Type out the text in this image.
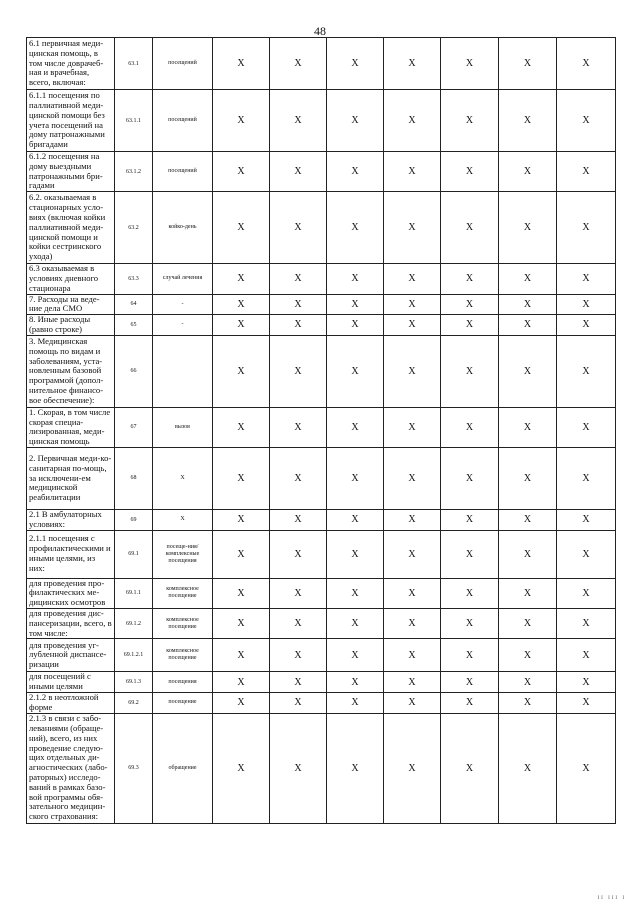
48
6.1 первичная меди-цинская помощь, в том числе доврачеб-ная и врачебная, всего, включая:	63.1	посещений	X	X	X	X	X	X	X
6.1.1 посещения по паллиативной меди-цинской помощи без учета посещений на дому патронажными бригадами	63.1.1	посещений	X	X	X	X	X	X	X
6.1.2 посещения на дому выездными патронажными бри-гадами	63.1.2	посещений	X	X	X	X	X	X	X
6.2. оказываемая в стационарных усло-виях (включая койки паллиативной меди-цинской помощи и койки сестринского ухода)	63.2	койко-день	X	X	X	X	X	X	X
6.3 оказываемая в условиях дневного стационара	63.3	случай лечения	X	X	X	X	X	X	X
7. Расходы на веде-ние дела СМО	64	-	X	X	X	X	X	X	X
8. Иные расходы (равно строке)	65	-	X	X	X	X	X	X	X
3. Медицинская помощь по видам и заболеваниям, уста-новленным базовой программой (допол-нительное финансо-вое обеспечение):	66		X	X	X	X	X	X	X
1. Скорая, в том числе скорая специа-лизированная, меди-цинская помощь	67	вызов	X	X	X	X	X	X	X
2. Первичная меди-ко-санитарная по-мощь, за исключени-ем медицинской реабилитации	68	X	X	X	X	X	X	X	X
2.1 В амбулаторных условиях:	69	X	X	X	X	X	X	X	X
2.1.1 посещения с профилактическими и иными целями, из них:	69.1	посеще-ния/комплексные посещения	X	X	X	X	X	X	X
для проведения про-филактических ме-дицинских осмотров	69.1.1	комплексное посещение	X	X	X	X	X	X	X
для проведения дис-пансеризации, всего, в том числе:	69.1.2	комплексное посещение	X	X	X	X	X	X	X
для проведения уг-лубленной диспансе-ризации	69.1.2.1	комплексное посещение	X	X	X	X	X	X	X
для посещений с иными целями	69.1.3	посещения	X	X	X	X	X	X	X
2.1.2 в неотложной форме	69.2	посещение	X	X	X	X	X	X	X
2.1.3 в связи с забо-леваниями (обраще-ний), всего, из них проведение следую-щих отдельных ди-агностических (лабо-раторных) исследо-ваний в рамках базо-вой программы обя-зательного медицин-ского страхования:	69.3	обращение	X	X	X	X	X	X	X
II III I
